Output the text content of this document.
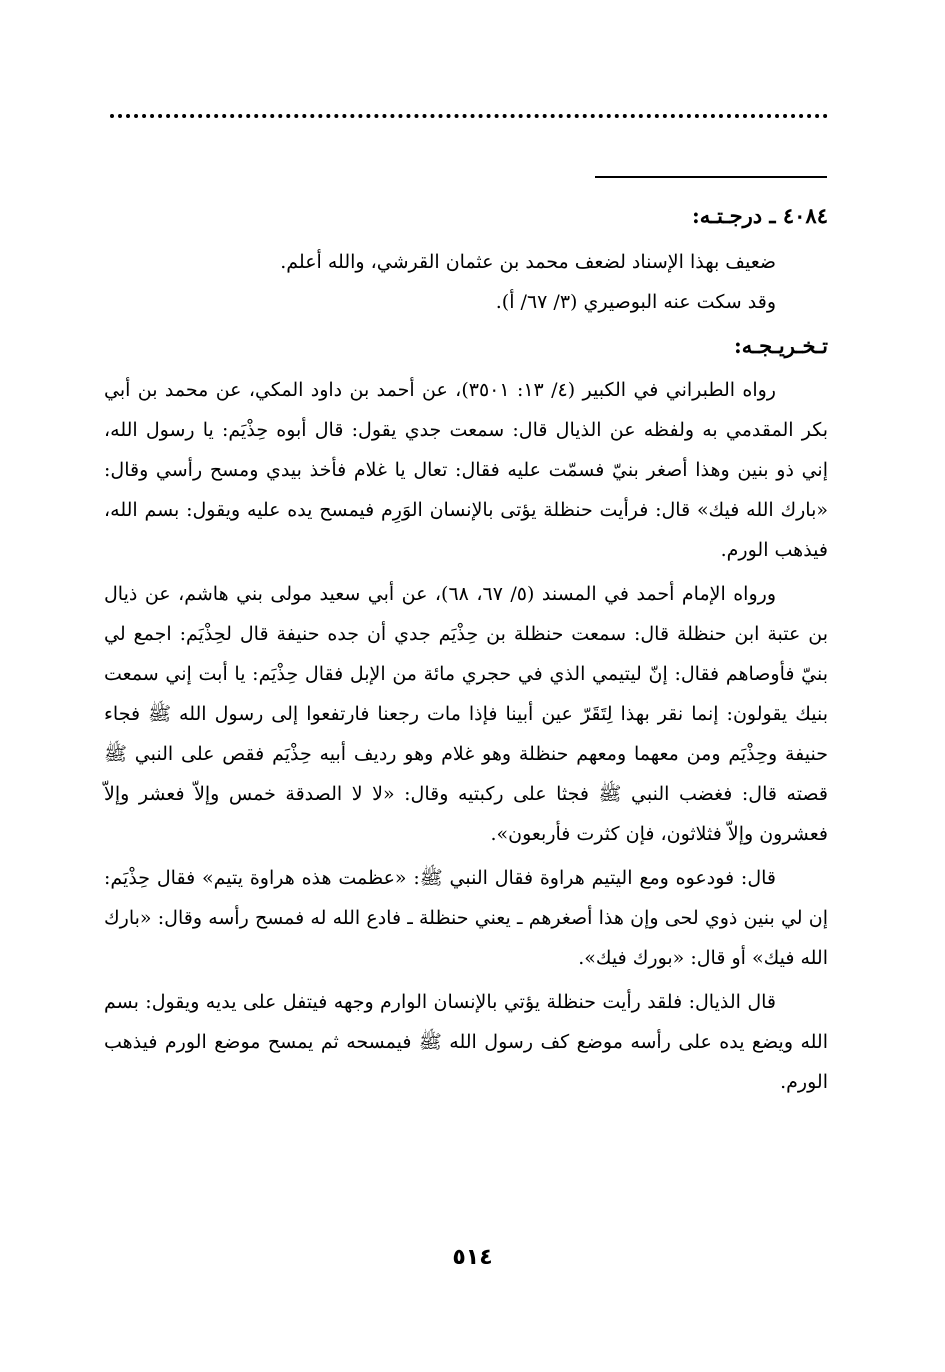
٤٠٨٤ ـ درجـتـه:

ضعيف بهذا الإسناد لضعف محمد بن عثمان القرشي، والله أعلم.

وقد سكت عنه البوصيري (٣/ ٦٧/ أ).

تـخـريـجـه:

رواه الطبراني في الكبير (٤/ ١٣: ٣٥٠١)، عن أحمد بن داود المكي، عن محمد بن أبي بكر المقدمي به ولفظه عن الذيال قال: سمعت جدي يقول: قال أبوه حِذْيَم: يا رسول الله، إني ذو بنين وهذا أصغر بنيّ فسمّت عليه فقال: تعال يا غلام فأخذ بيدي ومسح رأسي وقال: «بارك الله فيك» قال: فرأيت حنظلة يؤتى بالإنسان الوَرِم فيمسح يده عليه ويقول: بسم الله، فيذهب الورم.

ورواه الإمام أحمد في المسند (٥/ ٦٧، ٦٨)، عن أبي سعيد مولى بني هاشم، عن ذيال بن عتبة ابن حنظلة قال: سمعت حنظلة بن حِذْيَم جدي أن جده حنيفة قال لحِذْيَم: اجمع لي بنيّ فأوصاهم فقال: إنّ ليتيمي الذي في حجري مائة من الإبل فقال حِذْيَم: يا أبت إني سمعت بنيك يقولون: إنما نقر بهذا لِتَقَرّ عين أبينا فإذا مات رجعنا فارتفعوا إلى رسول الله ﷺ فجاء حنيفة وحِذْيَم ومن معهما ومعهم حنظلة وهو غلام وهو رديف أبيه حِذْيَم فقص على النبي ﷺ قصته قال: فغضب النبي ﷺ فجثا على ركبتيه وقال: «لا لا الصدقة خمس وإلاّ فعشر وإلاّ فعشرون وإلاّ فثلاثون، فإن كثرت فأربعون».

قال: فودعوه ومع اليتيم هراوة فقال النبي ﷺ: «عظمت هذه هراوة يتيم» فقال حِذْيَم: إن لي بنين ذوي لحى وإن هذا أصغرهم ـ يعني حنظلة ـ فادع الله له فمسح رأسه وقال: «بارك الله فيك» أو قال: «بورك فيك».

قال الذيال: فلقد رأيت حنظلة يؤتي بالإنسان الوارم وجهه فيتفل على يديه ويقول: بسم الله ويضع يده على رأسه موضع كف رسول الله ﷺ فيمسحه ثم يمسح موضع الورم فيذهب الورم.

٥١٤
